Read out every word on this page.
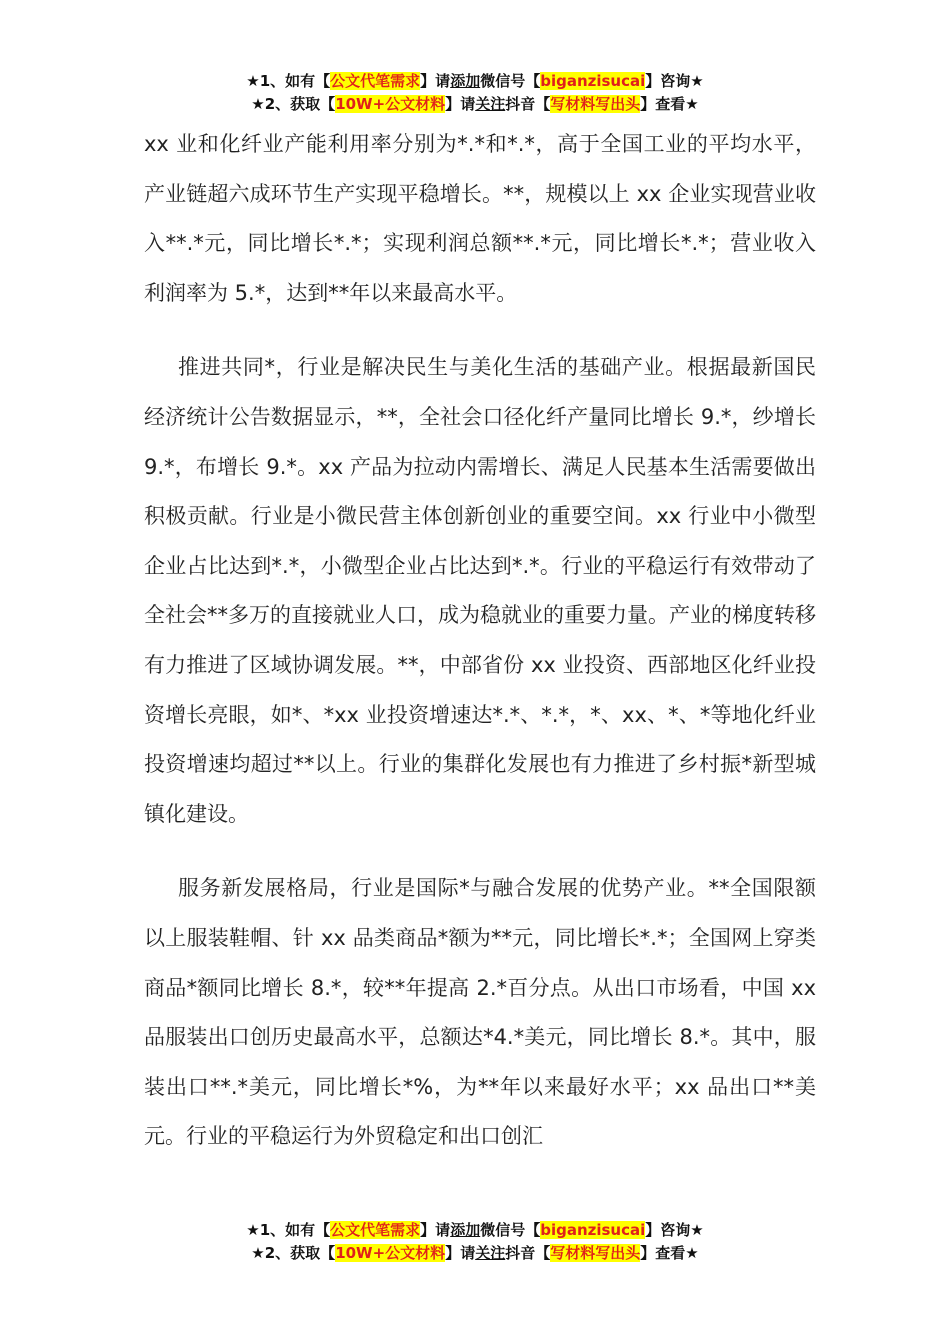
★1、如有【公文代笔需求】请添加微信号【biganzisucai】咨询★
★2、获取【10W+公文材料】请关注抖音【写材料写出头】查看★

xx 业和化纤业产能利用率分别为*.*和*.*，高于全国工业的平均水平，产业链超六成环节生产实现平稳增长。**，规模以上 xx 企业实现营业收入**.*元，同比增长*.*；实现利润总额**.*元，同比增长*.*；营业收入利润率为 5.*，达到**年以来最高水平。

推进共同*，行业是解决民生与美化生活的基础产业。根据最新国民经济统计公告数据显示，**，全社会口径化纤产量同比增长 9.*，纱增长 9.*，布增长 9.*。xx 产品为拉动内需增长、满足人民基本生活需要做出积极贡献。行业是小微民营主体创新创业的重要空间。xx 行业中小微型企业占比达到*.*，小微型企业占比达到*.*。行业的平稳运行有效带动了全社会**多万的直接就业人口，成为稳就业的重要力量。产业的梯度转移有力推进了区域协调发展。**，中部省份 xx 业投资、西部地区化纤业投资增长亮眼，如*、*xx 业投资增速达*.*、*.*，*、xx、*、*等地化纤业投资增速均超过**以上。行业的集群化发展也有力推进了乡村振*新型城镇化建设。

服务新发展格局，行业是国际*与融合发展的优势产业。**全国限额以上服装鞋帽、针 xx 品类商品*额为**元，同比增长*.*；全国网上穿类商品*额同比增长 8.*，较**年提高 2.*百分点。从出口市场看，中国 xx 品服装出口创历史最高水平，总额达*4.*美元，同比增长 8.*。其中，服装出口**.*美元，同比增长*%，为**年以来最好水平；xx 品出口**美元。行业的平稳运行为外贸稳定和出口创汇

★1、如有【公文代笔需求】请添加微信号【biganzisucai】咨询★
★2、获取【10W+公文材料】请关注抖音【写材料写出头】查看★
